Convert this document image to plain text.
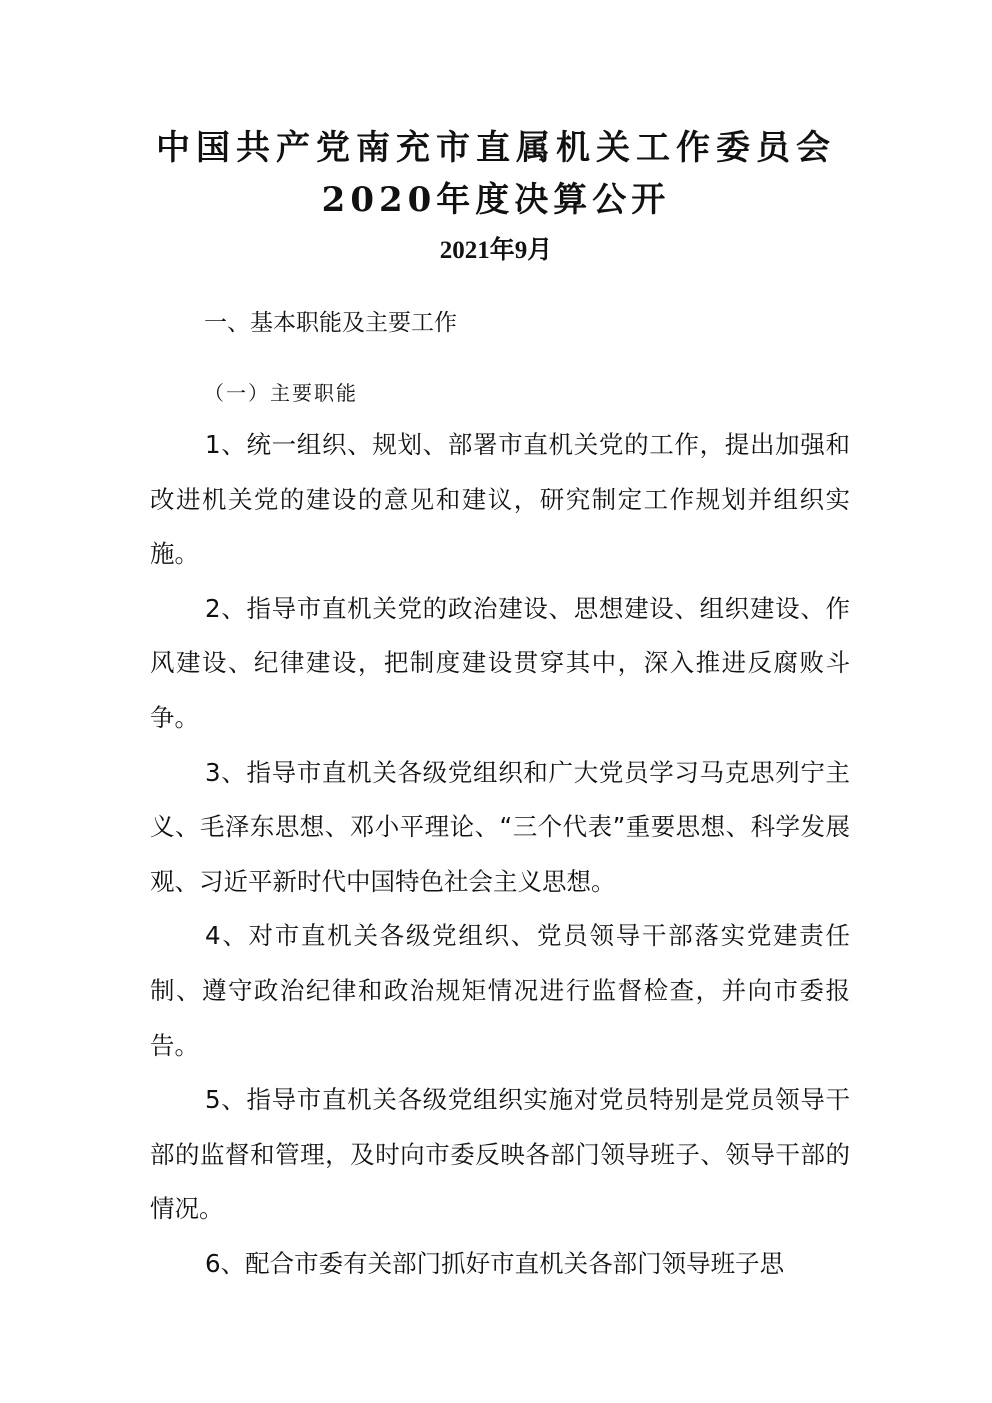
中国共产党南充市直属机关工作委员会
2020年度决算公开
2021年9月
一、基本职能及主要工作
（一）主要职能

1、统一组织、规划、部署市直机关党的工作，提出加强和改进机关党的建设的意见和建议，研究制定工作规划并组织实施。

2、指导市直机关党的政治建设、思想建设、组织建设、作风建设、纪律建设，把制度建设贯穿其中，深入推进反腐败斗争。

3、指导市直机关各级党组织和广大党员学习马克思列宁主义、毛泽东思想、邓小平理论、“三个代表”重要思想、科学发展观、习近平新时代中国特色社会主义思想。

4、对市直机关各级党组织、党员领导干部落实党建责任制、遵守政治纪律和政治规矩情况进行监督检查，并向市委报告。

5、指导市直机关各级党组织实施对党员特别是党员领导干部的监督和管理，及时向市委反映各部门领导班子、领导干部的情况。

6、配合市委有关部门抓好市直机关各部门领导班子思
